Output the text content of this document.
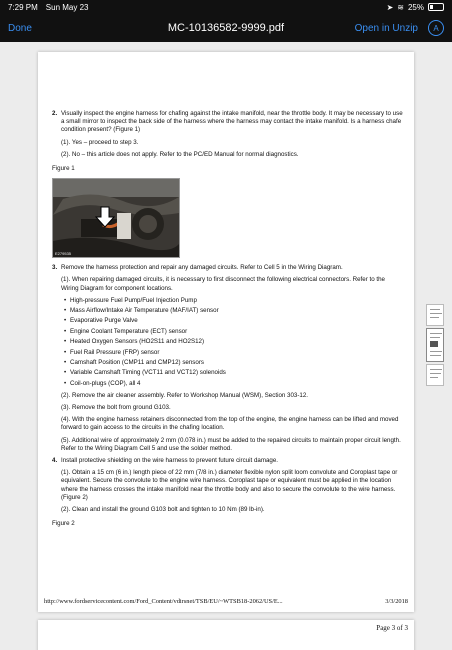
7:29 PM Sun May 23	➤ ≋ 25%
Done	MC-10136582-9999.pdf	Open in Unzip	A
2. Visually inspect the engine harness for chafing against the intake manifold, near the throttle body. It may be necessary to use a small mirror to inspect the back side of the harness where the harness may contact the intake manifold. Is a harness chafe condition present? (Figure 1)
(1). Yes – proceed to step 3.
(2). No – this article does not apply. Refer to the PC/ED Manual for normal diagnostics.
Figure 1
E279535
3. Remove the harness protection and repair any damaged circuits. Refer to Cell 5 in the Wiring Diagram.
(1). When repairing damaged circuits, it is necessary to first disconnect the following electrical connectors. Refer to the Wiring Diagram for component locations.
• High-pressure Fuel Pump/Fuel Injection Pump
• Mass Airflow/Intake Air Temperature (MAF/IAT) sensor
• Evaporative Purge Valve
• Engine Coolant Temperature (ECT) sensor
• Heated Oxygen Sensors (HO2S11 and HO2S12)
• Fuel Rail Pressure (FRP) sensor
• Camshaft Position (CMP11 and CMP12) sensors
• Variable Camshaft Timing (VCT11 and VCT12) solenoids
• Coil-on-plugs (COP), all 4
(2). Remove the air cleaner assembly. Refer to Workshop Manual (WSM), Section 303-12.
(3). Remove the bolt from ground G103.
(4). With the engine harness retainers disconnected from the top of the engine, the engine harness can be lifted and moved forward to gain access to the circuits in the chafing location.
(5). Additional wire of approximately 2 mm (0.078 in.) must be added to the repaired circuits to maintain proper circuit length. Refer to the Wiring Diagram Cell 5 and use the solder method.
4. Install protective shielding on the wire harness to prevent future circuit damage.
(1). Obtain a 15 cm (6 in.) length piece of 22 mm (7/8 in.) diameter flexible nylon split loom convolute and Coroplast tape or equivalent. Secure the convolute to the engine wire harness. Coroplast tape or equivalent must be applied in the location where the harness crosses the intake manifold near the throttle body and also to secure the convolute to the wire harness. (Figure 2)
(2). Clean and install the ground G103 bolt and tighten to 10 Nm (89 lb-in).
Figure 2
http://www.fordservicecontent.com/Ford_Content/vdirsnet/TSB/EU/~WTSB18-2062/US/E...	3/3/2018
Page 3 of 3
